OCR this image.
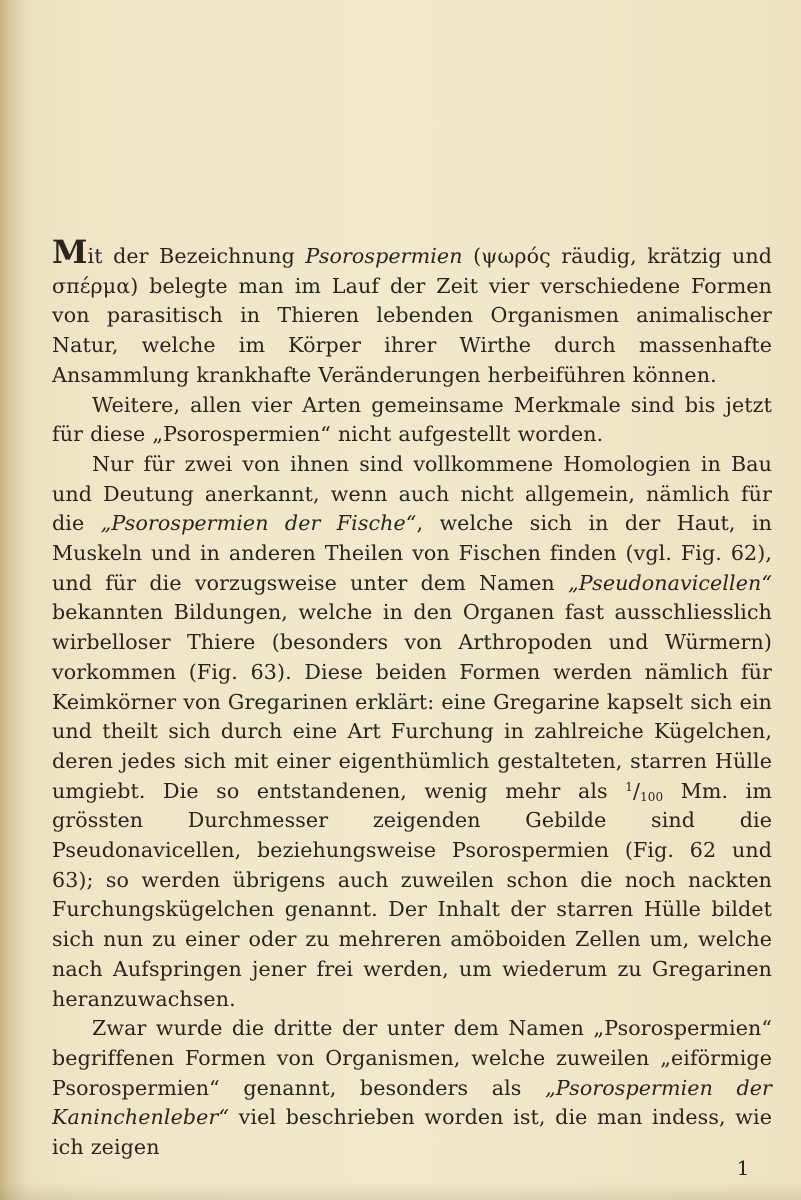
Mit der Bezeichnung Psorospermien (ψωρός räudig, krätzig und σπέρμα) belegte man im Lauf der Zeit vier verschiedene Formen von parasitisch in Thieren lebenden Organismen animalischer Natur, welche im Körper ihrer Wirthe durch massenhafte Ansammlung krankhafte Veränderungen herbeiführen können.

Weitere, allen vier Arten gemeinsame Merkmale sind bis jetzt für diese „Psorospermien“ nicht aufgestellt worden.

Nur für zwei von ihnen sind vollkommene Homologien in Bau und Deutung anerkannt, wenn auch nicht allgemein, nämlich für die „Psorospermien der Fische“, welche sich in der Haut, in Muskeln und in anderen Theilen von Fischen finden (vgl. Fig. 62), und für die vorzugsweise unter dem Namen „Pseudonavicellen“ bekannten Bildungen, welche in den Organen fast ausschliesslich wirbelloser Thiere (besonders von Arthropoden und Würmern) vorkommen (Fig. 63). Diese beiden Formen werden nämlich für Keimkörner von Gregarinen erklärt: eine Gregarine kapselt sich ein und theilt sich durch eine Art Furchung in zahlreiche Kügelchen, deren jedes sich mit einer eigenthümlich gestalteten, starren Hülle umgiebt. Die so entstandenen, wenig mehr als $^1/_{100}$ Mm. im grössten Durchmesser zeigenden Gebilde sind die Pseudonavicellen, beziehungsweise Psorospermien (Fig. 62 und 63); so werden übrigens auch zuweilen schon die noch nackten Furchungskügelchen genannt. Der Inhalt der starren Hülle bildet sich nun zu einer oder zu mehreren amöboiden Zellen um, welche nach Aufspringen jener frei werden, um wiederum zu Gregarinen heranzuwachsen.

Zwar wurde die dritte der unter dem Namen „Psorospermien“ begriffenen Formen von Organismen, welche zuweilen „eiförmige Psorospermien“ genannt, besonders als „Psorospermien der Kaninchenleber“ viel beschrieben worden ist, die man indess, wie ich zeigen

1
